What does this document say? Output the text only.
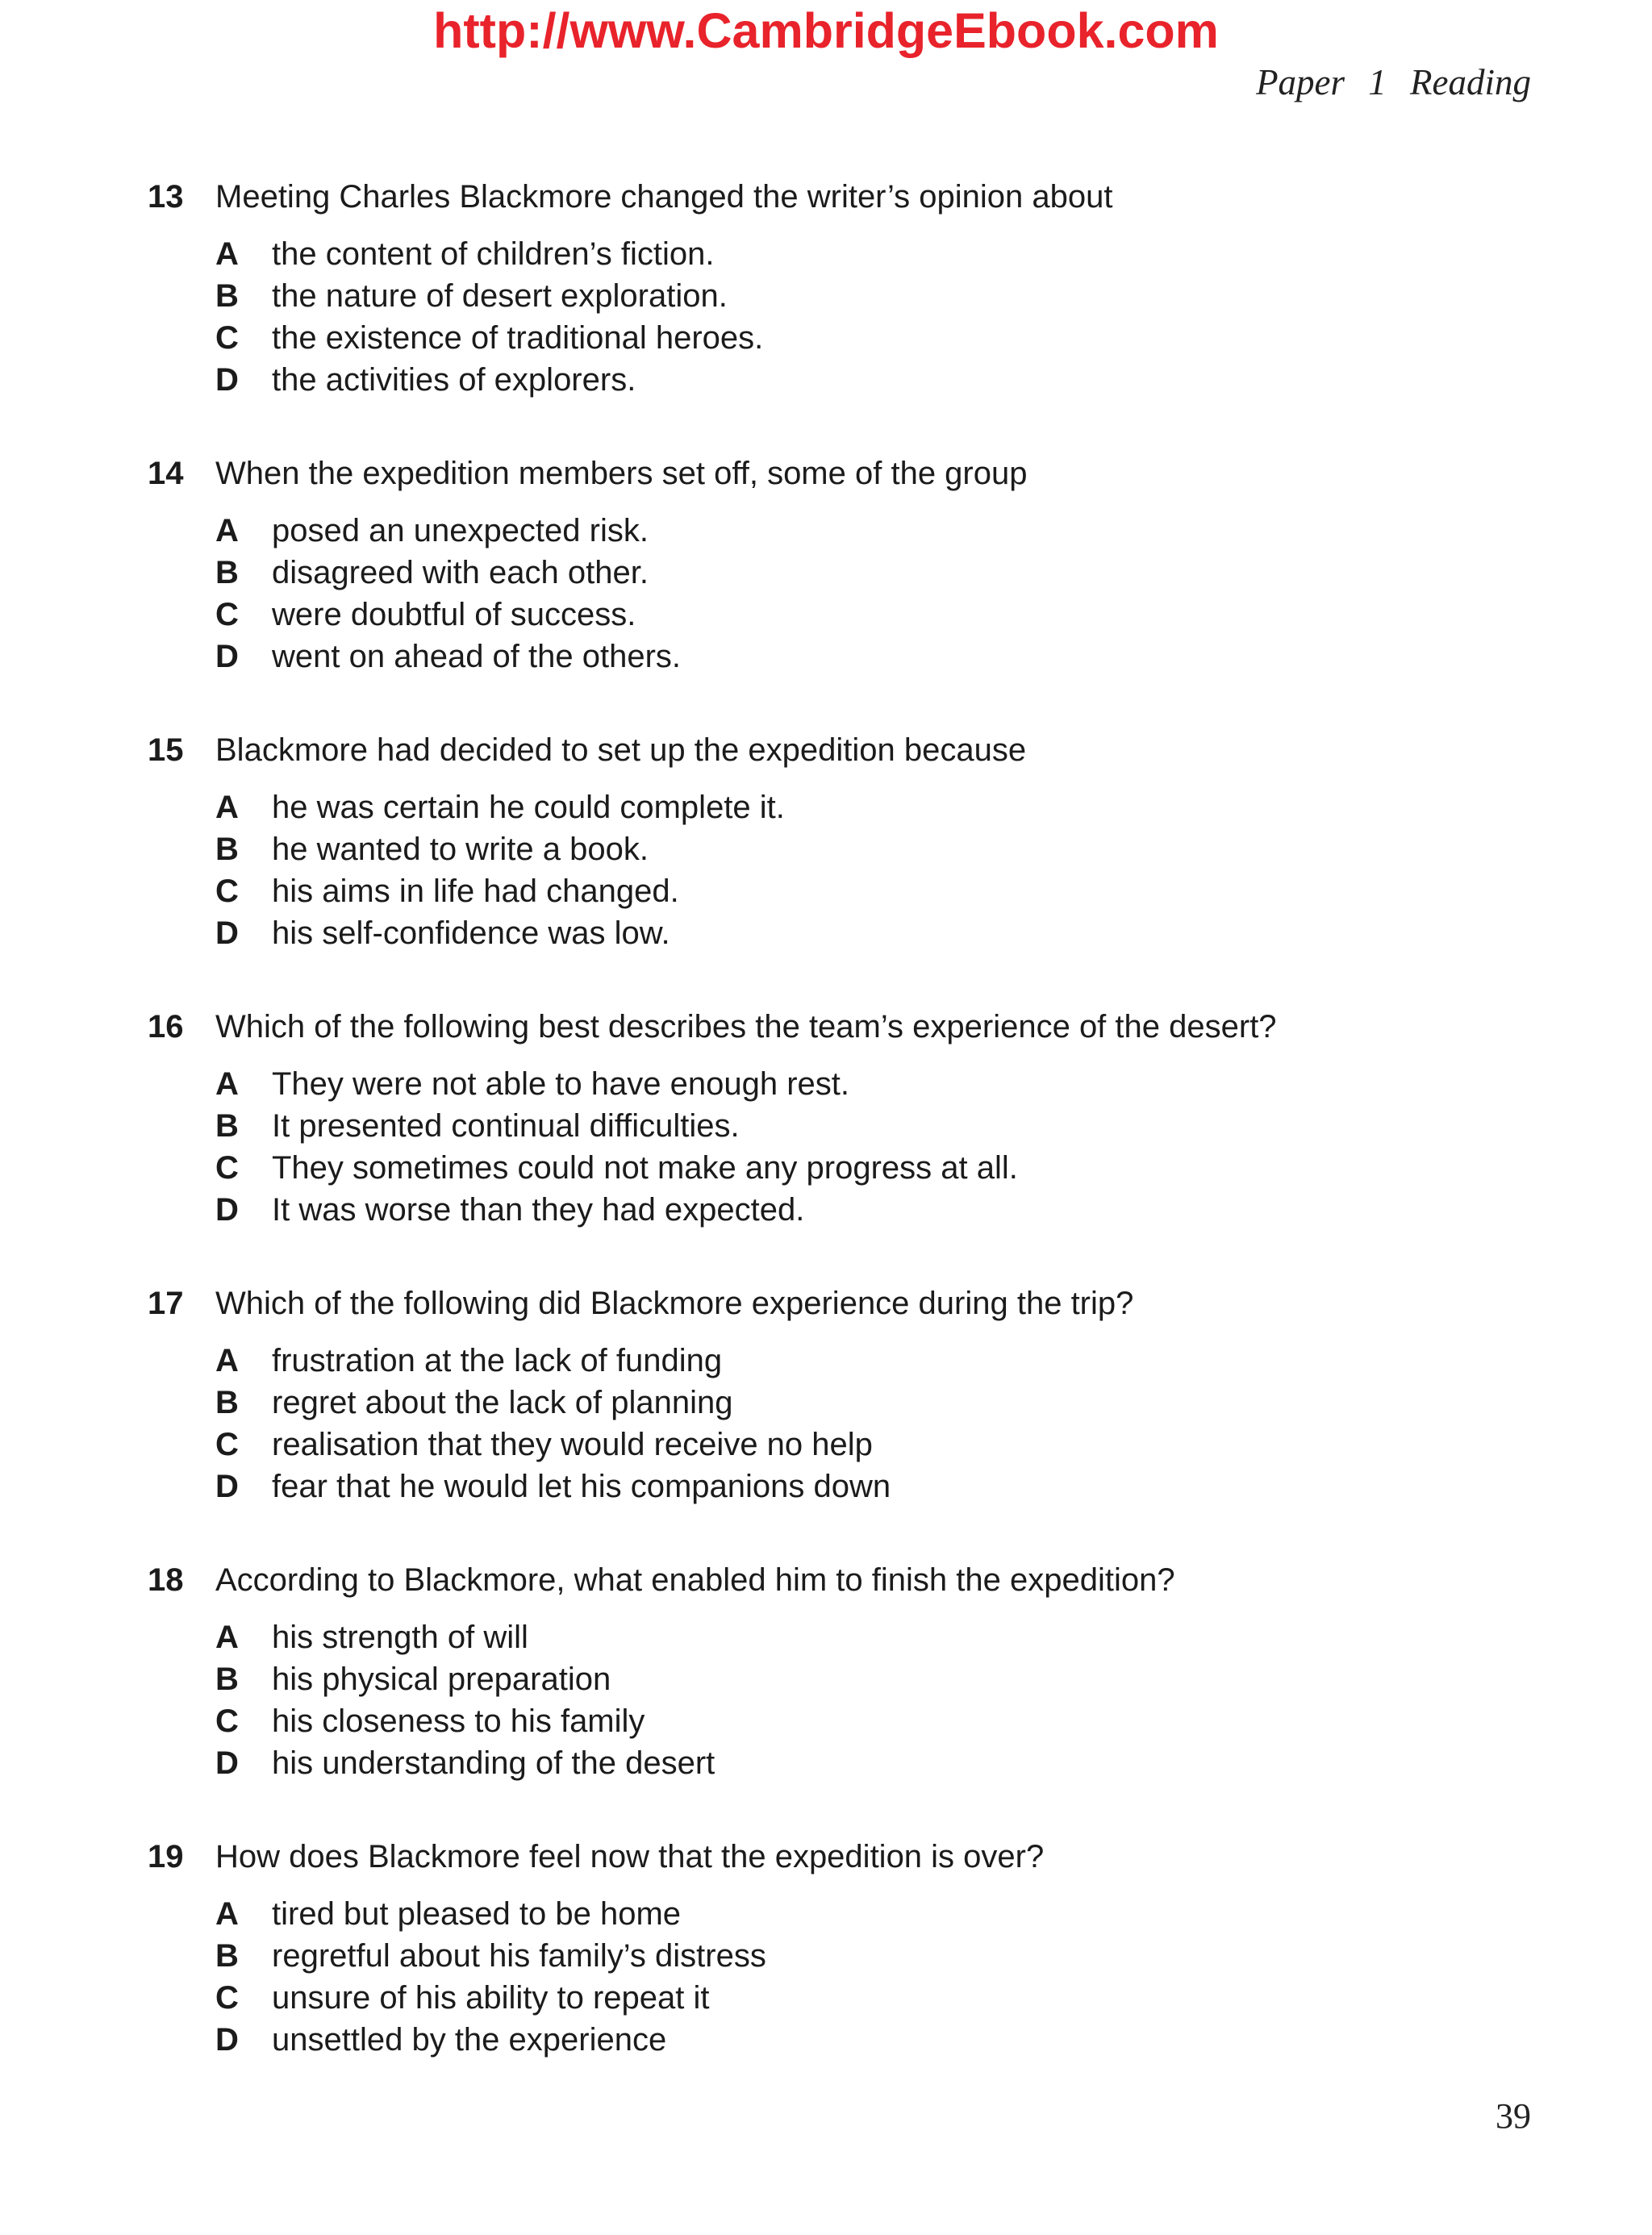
http://www.CambridgeEbook.com
Paper 1 Reading
13 Meeting Charles Blackmore changed the writer’s opinion about
A	the content of children’s fiction.
B	the nature of desert exploration.
C	the existence of traditional heroes.
D	the activities of explorers.
14 When the expedition members set off, some of the group
A	posed an unexpected risk.
B	disagreed with each other.
C	were doubtful of success.
D	went on ahead of the others.
15 Blackmore had decided to set up the expedition because
A	he was certain he could complete it.
B	he wanted to write a book.
C	his aims in life had changed.
D	his self-confidence was low.
16 Which of the following best describes the team’s experience of the desert?
A	They were not able to have enough rest.
B	It presented continual difficulties.
C	They sometimes could not make any progress at all.
D	It was worse than they had expected.
17 Which of the following did Blackmore experience during the trip?
A	frustration at the lack of funding
B	regret about the lack of planning
C	realisation that they would receive no help
D	fear that he would let his companions down
18 According to Blackmore, what enabled him to finish the expedition?
A	his strength of will
B	his physical preparation
C	his closeness to his family
D	his understanding of the desert
19 How does Blackmore feel now that the expedition is over?
A	tired but pleased to be home
B	regretful about his family’s distress
C	unsure of his ability to repeat it
D	unsettled by the experience
39
